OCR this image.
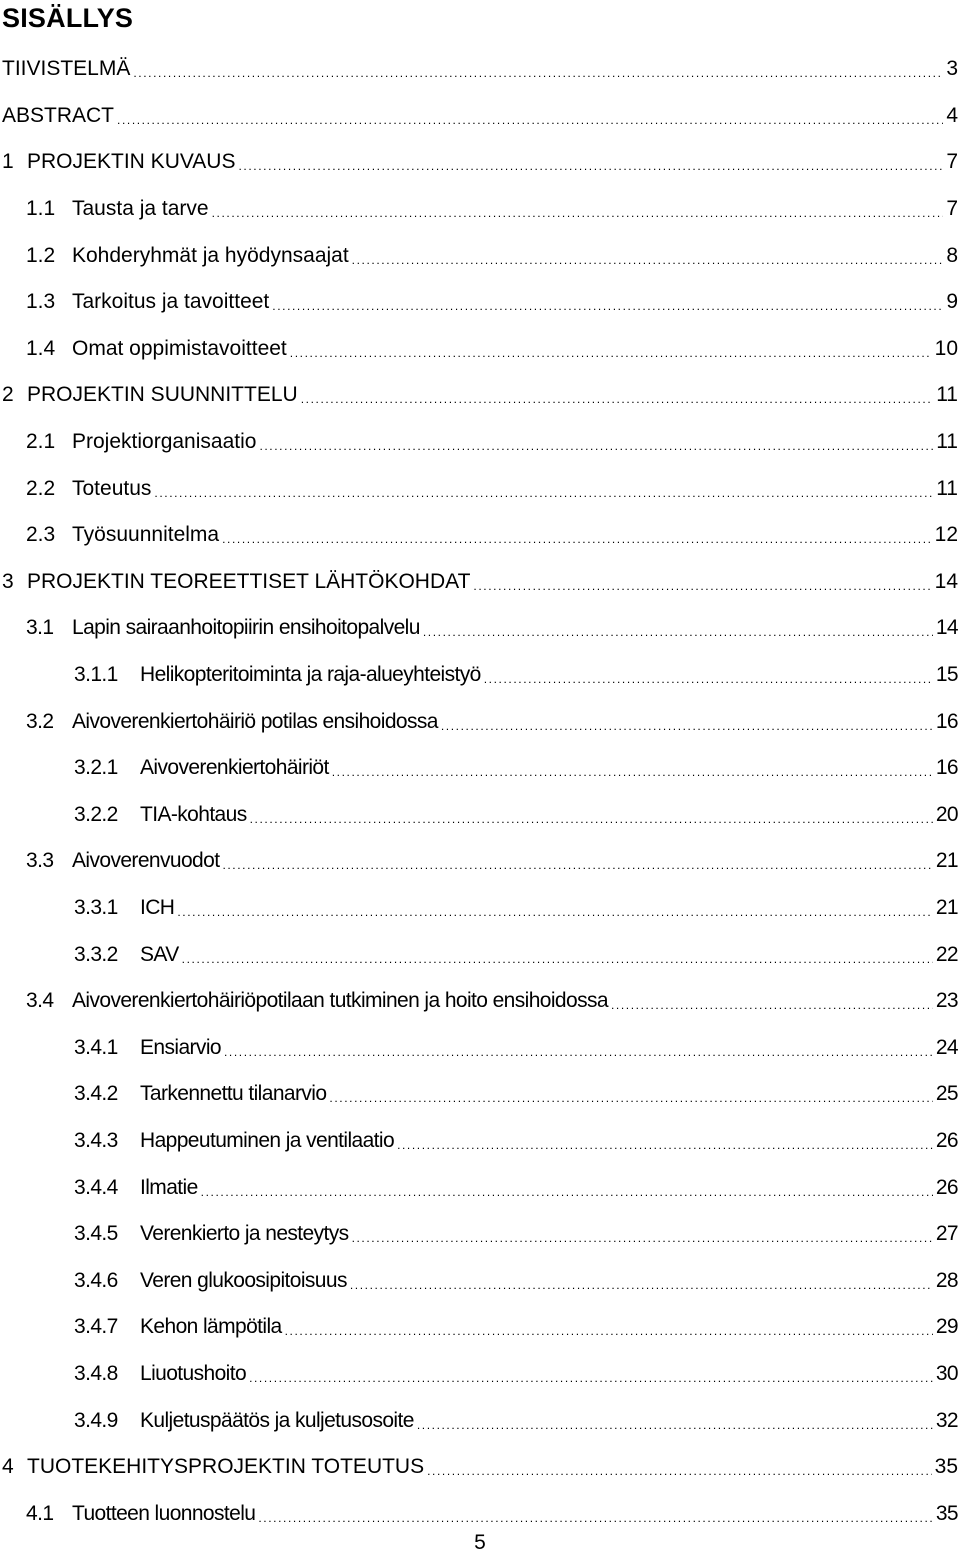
SISÄLLYS
TIIVISTELMÄ .....	3
ABSTRACT .....	4
1 PROJEKTIN KUVAUS .....	7
1.1 Tausta ja tarve .....	7
1.2 Kohderyhmät ja hyödynsaajat .....	8
1.3 Tarkoitus ja tavoitteet .....	9
1.4 Omat oppimistavoitteet .....	10
2 PROJEKTIN SUUNNITTELU .....	11
2.1 Projektiorganisaatio .....	11
2.2 Toteutus .....	11
2.3 Työsuunnitelma .....	12
3 PROJEKTIN TEOREETTISET LÄHTÖKOHDAT .....	14
3.1 Lapin sairaanhoitopiirin ensihoitopalvelu .....	14
3.1.1	Helikopteritoiminta ja raja-alueyhteistyö .....	15
3.2 Aivoverenkiertohäiriö potilas ensihoidossa .....	16
3.2.1	Aivoverenkiertohäiriöt .....	16
3.2.2	TIA-kohtaus .....	20
3.3 Aivoverenvuodot .....	21
3.3.1	ICH .....	21
3.3.2	SAV .....	22
3.4 Aivoverenkiertohäiriöpotilaan tutkiminen ja hoito ensihoidossa .....	23
3.4.1	Ensiarvio .....	24
3.4.2	Tarkennettu tilanarvio .....	25
3.4.3	Happeutuminen ja ventilaatio .....	26
3.4.4	Ilmatie .....	26
3.4.5	Verenkierto ja nesteytys .....	27
3.4.6	Veren glukoosipitoisuus .....	28
3.4.7	Kehon lämpötila .....	29
3.4.8	Liuotushoito .....	30
3.4.9	Kuljetuspäätös ja kuljetusosoite .....	32
4 TUOTEKEHITYSPROJEKTIN TOTEUTUS .....	35
4.1 Tuotteen luonnostelu .....	35
5
